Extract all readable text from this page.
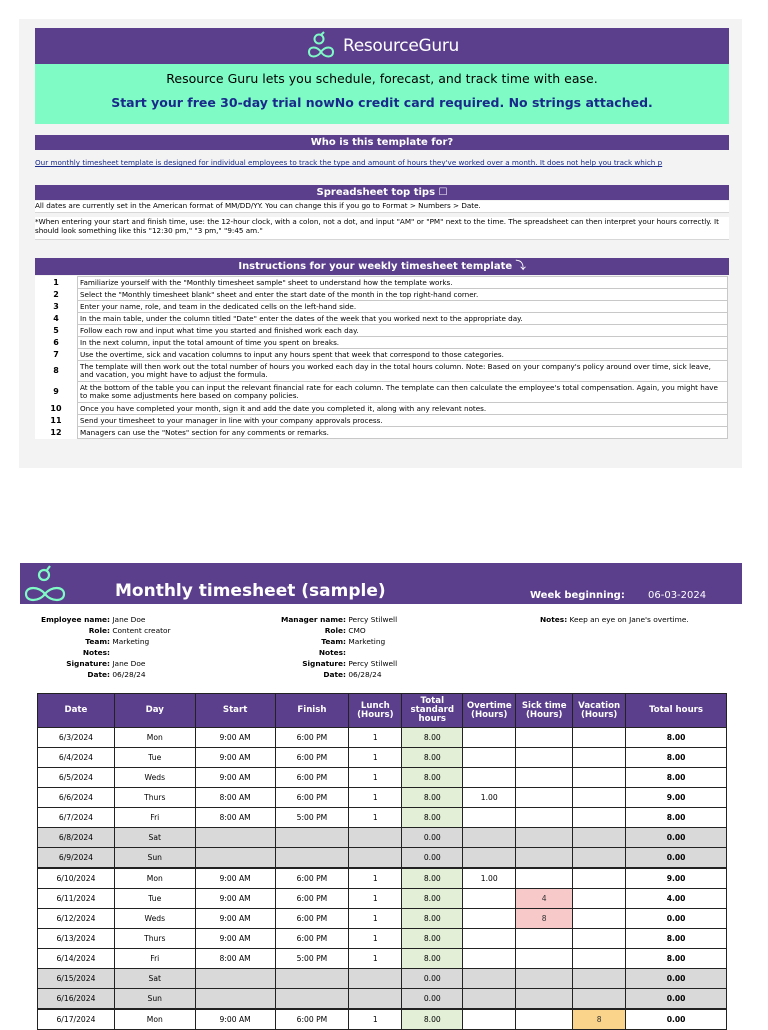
ResourceGuru
Resource Guru lets you schedule, forecast, and track time with ease.
Start your free 30-day trial nowNo credit card required. No strings attached.
Who is this template for?
Our monthly timesheet template is designed for individual employees to track the type and amount of hours they've worked over a month. It does not help you track which p
Spreadsheet top tips ☐
All dates are currently set in the American format of MM/DD/YY. You can change this if you go to Format > Numbers > Date.
*When entering your start and finish time, use: the 12-hour clock, with a colon, not a dot, and input "AM" or "PM" next to the time. The spreadsheet can then interpret your hours correctly. It should look something like this "12:30 pm," "3 pm," "9:45 am."
Instructions for your weekly timesheet template ⤵
1	Familiarize yourself with the "Monthly timesheet sample" sheet to understand how the template works.
2	Select the "Monthly timesheet blank" sheet and enter the start date of the month in the top right-hand corner.
3	Enter your name, role, and team in the dedicated cells on the left-hand side.
4	In the main table, under the column titled "Date" enter the dates of the week that you worked next to the appropriate day.
5	Follow each row and input what time you started and finished work each day.
6	In the next column, input the total amount of time you spent on breaks.
7	Use the overtime, sick and vacation columns to input any hours spent that week that correspond to those categories.
8	The template will then work out the total number of hours you worked each day in the total hours column. Note: Based on your company's policy around over time, sick leave, and vacation, you might have to adjust the formula.
9	At the bottom of the table you can input the relevant financial rate for each column. The template can then calculate the employee's total compensation. Again, you might have to make some adjustments here based on company policies.
10	Once you have completed your month, sign it and add the date you completed it, along with any relevant notes.
11	Send your timesheet to your manager in line with your company approvals process.
12	Managers can use the "Notes" section for any comments or remarks.
Monthly timesheet (sample)	Week beginning: 06-03-2024
Employee name: Jane Doe
Role: Content creator
Team: Marketing
Notes:
Signature: Jane Doe
Date: 06/28/24
Manager name: Percy Stilwell
Role: CMO
Team: Marketing
Notes:
Signature: Percy Stilwell
Date: 06/28/24
Notes: Keep an eye on Jane's overtime.
Date	Day	Start	Finish	Lunch (Hours)	Total standard hours	Overtime (Hours)	Sick time (Hours)	Vacation (Hours)	Total hours
6/3/2024	Mon	9:00 AM	6:00 PM	1	8.00				8.00
6/4/2024	Tue	9:00 AM	6:00 PM	1	8.00				8.00
6/5/2024	Weds	9:00 AM	6:00 PM	1	8.00				8.00
6/6/2024	Thurs	8:00 AM	6:00 PM	1	8.00	1.00			9.00
6/7/2024	Fri	8:00 AM	5:00 PM	1	8.00				8.00
6/8/2024	Sat				0.00				0.00
6/9/2024	Sun				0.00				0.00
6/10/2024	Mon	9:00 AM	6:00 PM	1	8.00	1.00			9.00
6/11/2024	Tue	9:00 AM	6:00 PM	1	8.00		4		4.00
6/12/2024	Weds	9:00 AM	6:00 PM	1	8.00		8		0.00
6/13/2024	Thurs	9:00 AM	6:00 PM	1	8.00				8.00
6/14/2024	Fri	8:00 AM	5:00 PM	1	8.00				8.00
6/15/2024	Sat				0.00				0.00
6/16/2024	Sun				0.00				0.00
6/17/2024	Mon	9:00 AM	6:00 PM	1	8.00			8	0.00
